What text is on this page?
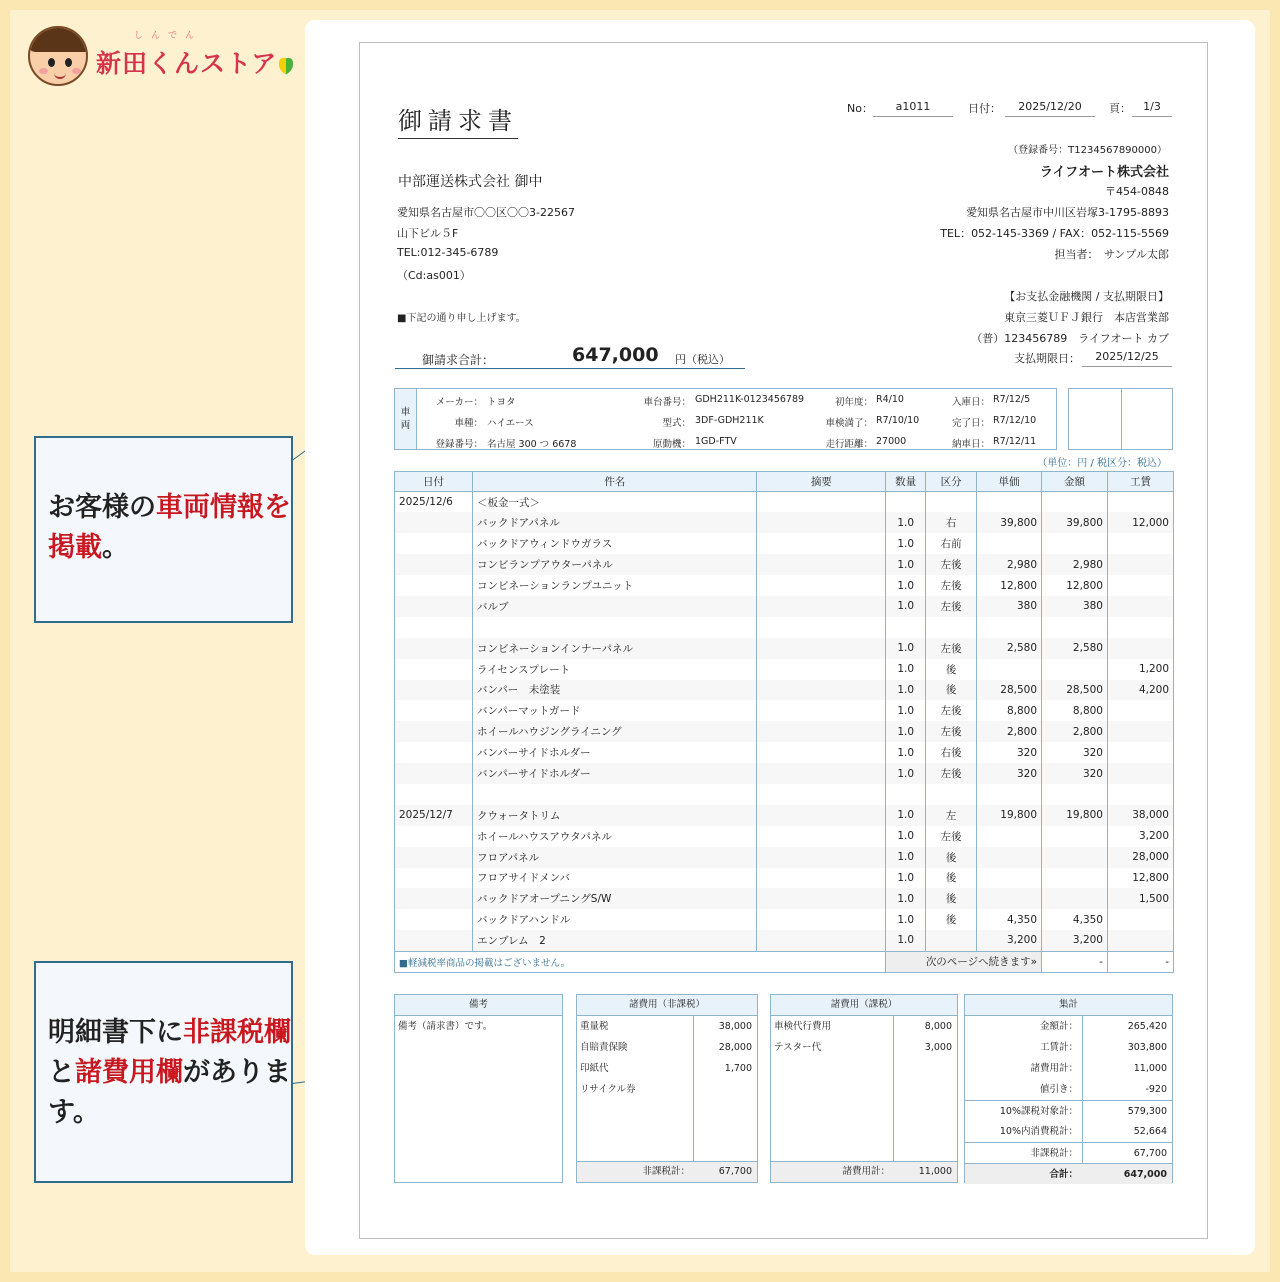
新田くんストア
しんでん
お客様の車両情報を掲載。
明細書下に非課税欄と諸費用欄があります。
御請求書	No：	a1011	日付：	2025/12/20	頁：	1/3
（登録番号：T1234567890000）
ライフオート株式会社
〒454-0848
愛知県名古屋市中川区岩塚3-1795-8893
TEL：052-145-3369 / FAX：052-115-5569
担当者：　サンプル太郎
【お支払金融機関 / 支払期限日】
東京三菱ＵＦＪ銀行　本店営業部
（普）123456789　ライフオート カブ
支払期限日：	2025/12/25
中部運送株式会社 御中
愛知県名古屋市〇〇区〇〇3-22567
山下ビル５F
TEL:012-345-6789
（Cd:as001）
■下記の通り申し上げます。
御請求合計：	647,000 円（税込）
車
両
メーカー： トヨタ
車種： ハイエース
登録番号： 名古屋 300 つ 6678
車台番号： GDH211K-0123456789
型式： 3DF-GDH211K
原動機： 1GD-FTV
初年度： R4/10
車検満了： R7/10/10
走行距離： 27000
入庫日： R7/12/5
完了日： R7/12/10
納車日： R7/12/11
（単位：円 / 税区分：税込）
日付	件名	摘要	数量	区分	単価	金額	工賃
2025/12/6	＜板金一式＞						
	バックドアパネル		1.0	右	39,800	39,800	12,000
	バックドアウィンドウガラス		1.0	右前			
	コンビランプアウターパネル		1.0	左後	2,980	2,980	
	コンビネーションランプユニット		1.0	左後	12,800	12,800	
	バルブ		1.0	左後	380	380	

	コンビネーションインナーパネル		1.0	左後	2,580	2,580	
	ライセンスプレート		1.0	後			1,200
	バンパー　未塗装		1.0	後	28,500	28,500	4,200
	バンパーマットガード		1.0	左後	8,800	8,800	
	ホイールハウジングライニング		1.0	左後	2,800	2,800	
	バンパーサイドホルダー		1.0	右後	320	320	
	バンパーサイドホルダー		1.0	左後	320	320	

2025/12/7	クウォータトリム		1.0	左	19,800	19,800	38,000
	ホイールハウスアウタパネル		1.0	左後			3,200
	フロアパネル		1.0	後			28,000
	フロアサイドメンバ		1.0	後			12,800
	バックドアオープニングS/W		1.0	後			1,500
	バックドアハンドル		1.0	後	4,350	4,350	
	エンブレム　2		1.0		3,200	3,200	
■軽減税率商品の掲載はございません。			次のページへ続きます»			-	-
備考
備考（請求書）です。
諸費用（非課税）
重量税	38,000
自賠責保険	28,000
印紙代	1,700
リサイクル券
非課税計：	67,700
諸費用（課税）
車検代行費用	8,000
テスター代	3,000
諸費用計：	11,000
集計
金額計：	265,420
工賃計：	303,800
諸費用計：	11,000
値引き：	-920
10%課税対象計：	579,300
10%内消費税計：	52,664
非課税計：	67,700
合計：	647,000
